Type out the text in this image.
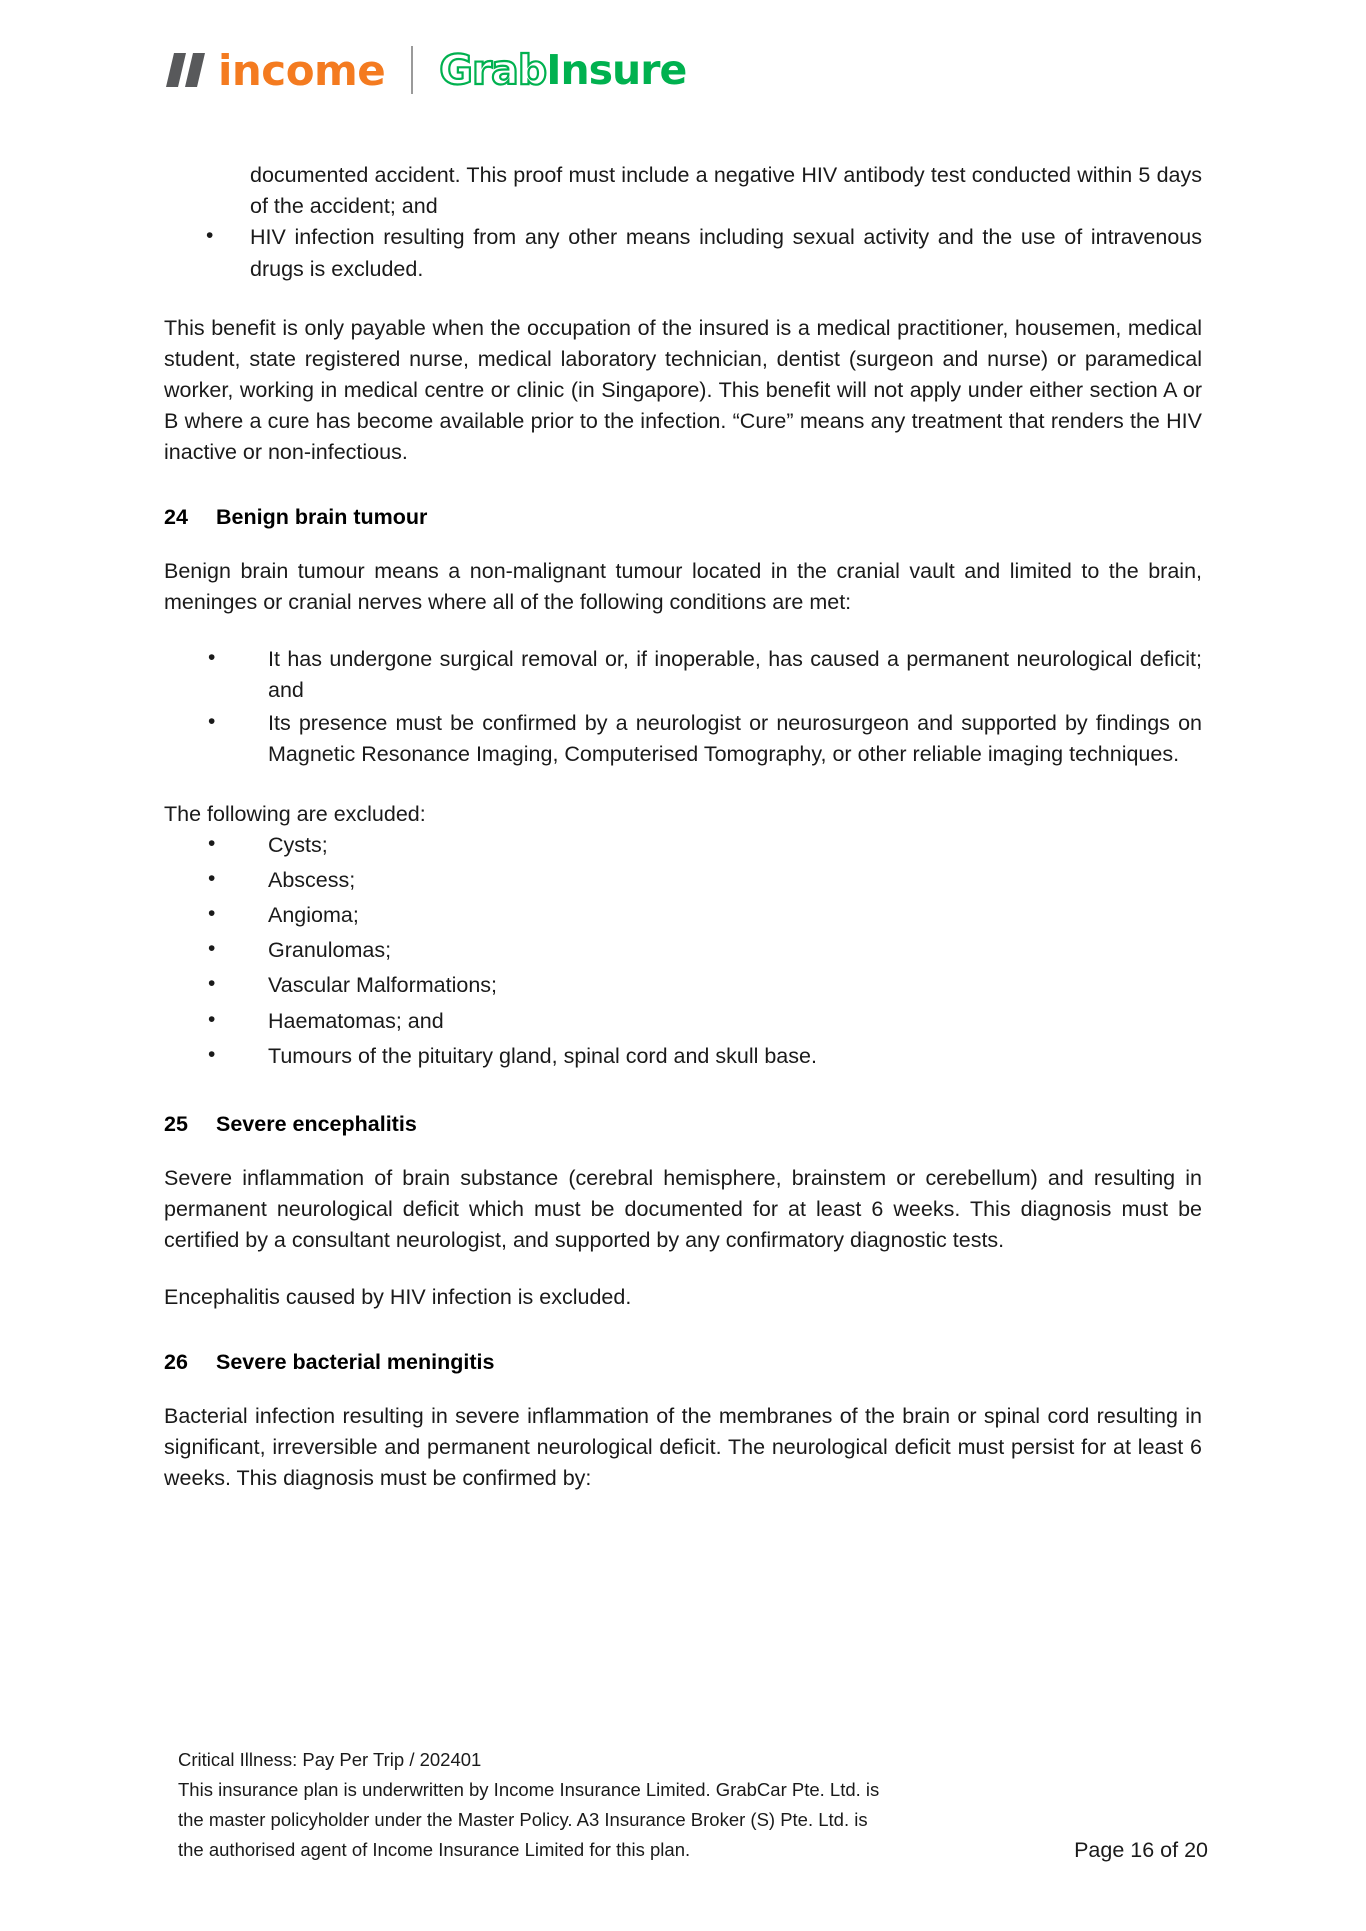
income Grab Insure

documented accident. This proof must include a negative HIV antibody test conducted within 5 days of the accident; and

• HIV infection resulting from any other means including sexual activity and the use of intravenous drugs is excluded.

This benefit is only payable when the occupation of the insured is a medical practitioner, housemen, medical student, state registered nurse, medical laboratory technician, dentist (surgeon and nurse) or paramedical worker, working in medical centre or clinic (in Singapore). This benefit will not apply under either section A or B where a cure has become available prior to the infection. “Cure” means any treatment that renders the HIV inactive or non-infectious.

24	Benign brain tumour

Benign brain tumour means a non-malignant tumour located in the cranial vault and limited to the brain, meninges or cranial nerves where all of the following conditions are met:

• It has undergone surgical removal or, if inoperable, has caused a permanent neurological deficit; and
• Its presence must be confirmed by a neurologist or neurosurgeon and supported by findings on Magnetic Resonance Imaging, Computerised Tomography, or other reliable imaging techniques.

The following are excluded:

• Cysts;
• Abscess;
• Angioma;
• Granulomas;
• Vascular Malformations;
• Haematomas; and
• Tumours of the pituitary gland, spinal cord and skull base.
25	Severe encephalitis

Severe inflammation of brain substance (cerebral hemisphere, brainstem or cerebellum) and resulting in permanent neurological deficit which must be documented for at least 6 weeks. This diagnosis must be certified by a consultant neurologist, and supported by any confirmatory diagnostic tests.

Encephalitis caused by HIV infection is excluded.

26	Severe bacterial meningitis

Bacterial infection resulting in severe inflammation of the membranes of the brain or spinal cord resulting in significant, irreversible and permanent neurological deficit. The neurological deficit must persist for at least 6 weeks. This diagnosis must be confirmed by:

Critical Illness: Pay Per Trip / 202401
This insurance plan is underwritten by Income Insurance Limited. GrabCar Pte. Ltd. is
the master policyholder under the Master Policy. A3 Insurance Broker (S) Pte. Ltd. is
the authorised agent of Income Insurance Limited for this plan.	Page 16 of 20
